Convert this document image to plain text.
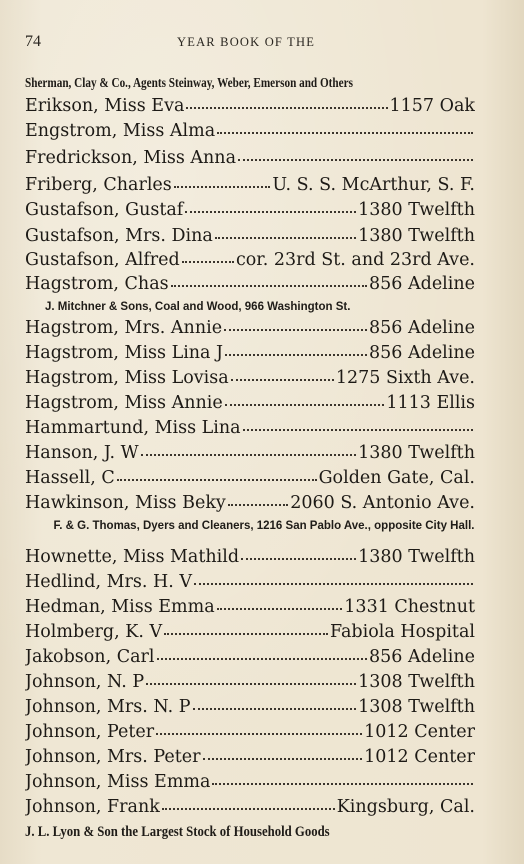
74	YEAR BOOK OF THE
Sherman, Clay & Co., Agents Steinway, Weber, Emerson and Others
Erikson, Miss Eva	1157 Oak
Engstrom, Miss Alma
Fredrickson, Miss Anna
Friberg, Charles	U. S. S. McArthur, S. F.
Gustafson, Gustaf	1380 Twelfth
Gustafson, Mrs. Dina	1380 Twelfth
Gustafson, Alfred	cor. 23rd St. and 23rd Ave.
Hagstrom, Chas	856 Adeline
J. Mitchner & Sons, Coal and Wood, 966 Washington St.
Hagstrom, Mrs. Annie	856 Adeline
Hagstrom, Miss Lina J	856 Adeline
Hagstrom, Miss Lovisa	1275 Sixth Ave.
Hagstrom, Miss Annie	1113 Ellis
Hammartund, Miss Lina
Hanson, J. W	1380 Twelfth
Hassell, C	Golden Gate, Cal.
Hawkinson, Miss Beky	2060 S. Antonio Ave.
F. & G. Thomas, Dyers and Cleaners, 1216 San Pablo Ave., opposite City Hall.
Hownette, Miss Mathild	1380 Twelfth
Hedlind, Mrs. H. V
Hedman, Miss Emma	1331 Chestnut
Holmberg, K. V	Fabiola Hospital
Jakobson, Carl	856 Adeline
Johnson, N. P	1308 Twelfth
Johnson, Mrs. N. P	1308 Twelfth
Johnson, Peter	1012 Center
Johnson, Mrs. Peter	1012 Center
Johnson, Miss Emma
Johnson, Frank	Kingsburg, Cal.
J. L. Lyon & Son the Largest Stock of Household Goods
